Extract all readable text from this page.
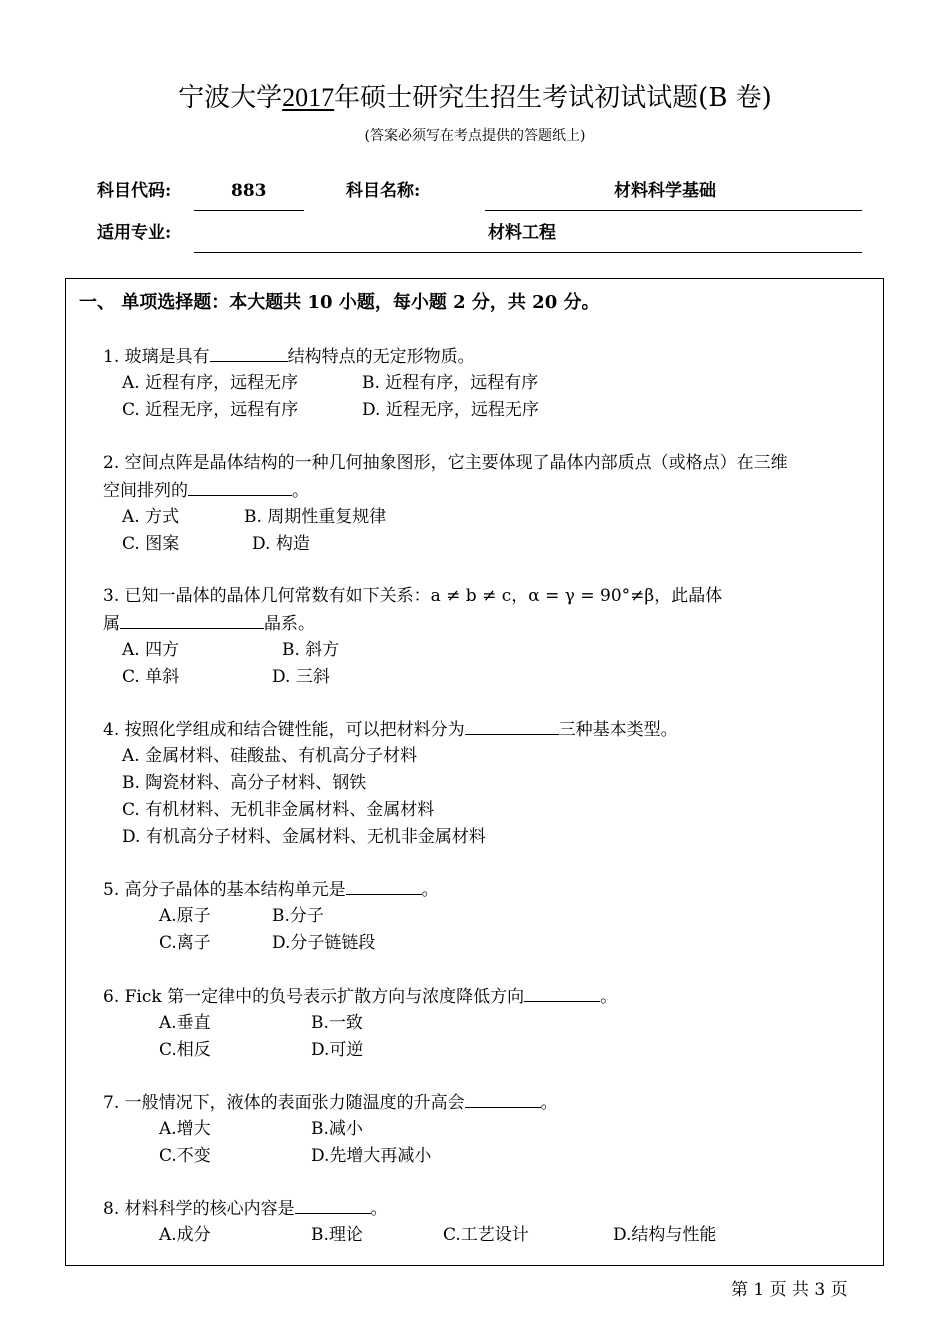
宁波大学2017年硕士研究生招生考试初试试题(B 卷)
(答案必须写在考点提供的答题纸上)
科目代码:	883	科目名称:	材料科学基础
适用专业:	材料工程
一、 单项选择题：本大题共 10 小题，每小题 2 分，共 20 分。
1. 玻璃是具有	结构特点的无定形物质。
A. 近程有序，远程无序	B. 近程有序，远程有序
C. 近程无序，远程有序	D. 近程无序，远程无序
2. 空间点阵是晶体结构的一种几何抽象图形，它主要体现了晶体内部质点（或格点）在三维
空间排列的	。
A. 方式	B. 周期性重复规律
C. 图案	D. 构造
3. 已知一晶体的晶体几何常数有如下关系：a ≠ b ≠ c，α = γ = 90°≠β，此晶体
属	晶系。
A. 四方	B. 斜方
C. 单斜	D. 三斜
4. 按照化学组成和结合键性能，可以把材料分为	三种基本类型。
A. 金属材料、硅酸盐、有机高分子材料
B. 陶瓷材料、高分子材料、钢铁
C. 有机材料、无机非金属材料、金属材料
D. 有机高分子材料、金属材料、无机非金属材料
5. 高分子晶体的基本结构单元是	。
A.原子	B.分子
C.离子	D.分子链链段
6. Fick 第一定律中的负号表示扩散方向与浓度降低方向	。
A.垂直	B.一致
C.相反	D.可逆
7. 一般情况下，液体的表面张力随温度的升高会	。
A.增大	B.减小
C.不变	D.先增大再减小
8. 材料科学的核心内容是	。
A.成分	B.理论	C.工艺设计	D.结构与性能
第 1 页 共 3 页
